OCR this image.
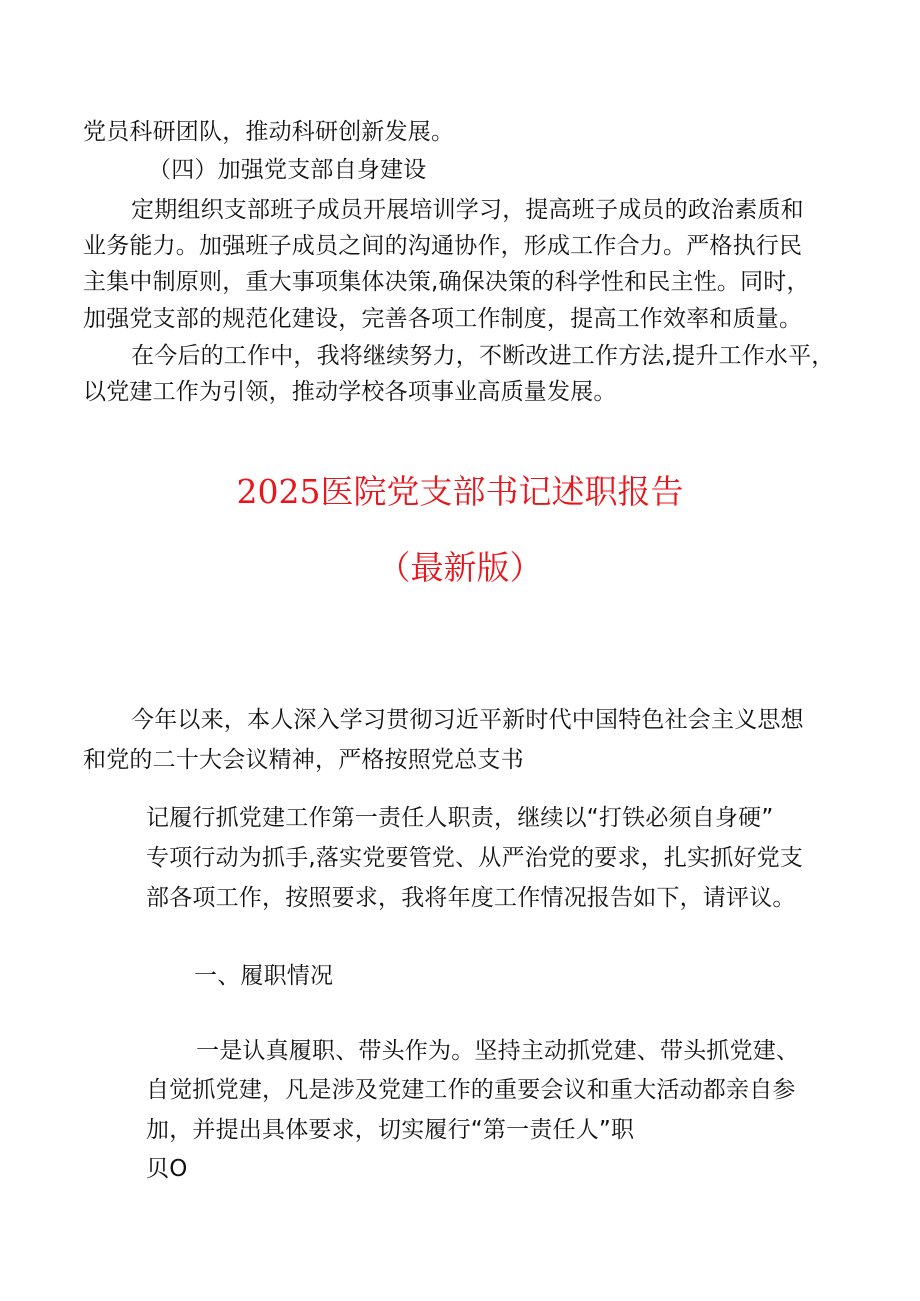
党员科研团队，推动科研创新发展。
（四）加强党支部自身建设
定期组织支部班子成员开展培训学习，提高班子成员的政治素质和
业务能力。加强班子成员之间的沟通协作，形成工作合力。严格执行民
主集中制原则，重大事项集体决策,确保决策的科学性和民主性。同时，
加强党支部的规范化建设，完善各项工作制度，提高工作效率和质量。
在今后的工作中，我将继续努力，不断改进工作方法,提升工作水平，
以党建工作为引领，推动学校各项事业高质量发展。
2025医院党支部书记述职报告
（最新版）
今年以来，本人深入学习贯彻习近平新时代中国特色社会主义思想
和党的二十大会议精神，严格按照党总支书
记履行抓党建工作第一责任人职责，继续以“打铁必须自身硬”
专项行动为抓手,落实党要管党、从严治党的要求，扎实抓好党支
部各项工作，按照要求，我将年度工作情况报告如下，请评议。
一、履职情况
一是认真履职、带头作为。坚持主动抓党建、带头抓党建、
自觉抓党建，凡是涉及党建工作的重要会议和重大活动都亲自参
加，并提出具体要求，切实履行“第一责任人”职
贝O
